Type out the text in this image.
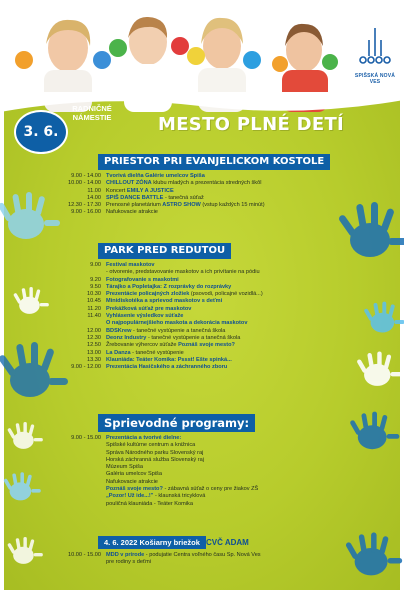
SPIŠSKÁ NOVÁ VES
RADNIČNÉ
NÁMESTIE
3. 6.	MESTO PLNÉ DETÍ
PRIESTOR PRI EVANJELICKOM KOSTOLE
9.00 - 14.00 Tvorivá dielňa Galérie umelcov Spiša
10.00 - 14.00 CHILLOUT ZÓNA klubu mladých a prezentácia stredných škôl
11.00 Koncert EMILY A JUSTICE
14.00 SPIŠ DANCE BATTLE - tanečná súťaž
12.30 - 17.30 Prenosné planetárium ASTRO SHOW (vstup každých 15 minút)
9.00 - 16.00 Nafukovacie atrakcie
PARK PRED REDUTOU
9.00 Festival maskotov
- otvorenie, predstavovanie maskotov a ich privítanie na pódiu
9.20 Fotografovanie s maskotmi
9.50 Tárajko a Popletajka: Z rozprávky do rozprávky
10.30 Prezentácie policajných zložiek (psovodi, policajné vozidlá...)
10.45 Minidiskotéka a sprievod maskotov s deťmi
11.20 Prekážková súťaž pre maskotov
11.40 Vyhlásenie výsledkov súťaže
O najpopulárnejšieho maskota a dekorácia maskotov
12.00 BDSKrew - tanečné vystúpenie a tanečná škola
12.30 Deonz Industry - tanečné vystúpenie a tanečná škola
12.50 Žrebovanie výhercov súťaže Poznáš svoje mesto?
13.00 La Danza - tanečné vystúpenie
13.30 Klauniáda: Teáter Komika: Pssst! Ešte spinká...
9.00 - 12.00 Prezentácia Hasičského a záchranného zboru
Sprievodné programy:
9.00 - 15.00 Prezentácia a tvorivé dielne:
Spišské kultúrne centrum a knižnica
Správa Národného parku Slovenský raj
Horská záchranná služba Slovenský raj
Múzeum Spiša
Galéria umelcov Spiša
Nafukovacie atrakcie
Poznáš svoje mesto? - zábavná súťaž o ceny pre žiakov ZŠ
„Pozor! Už ide...!" - klaunská tricyklová
pouličná klauniáda - Teáter Komika
4. 6. 2022 Košiarny briežok CVČ ADAM
10.00 - 15.00 MDD v prírode - podujatie Centra voľného času Sp. Nová Ves
pre rodiny s deťmi
